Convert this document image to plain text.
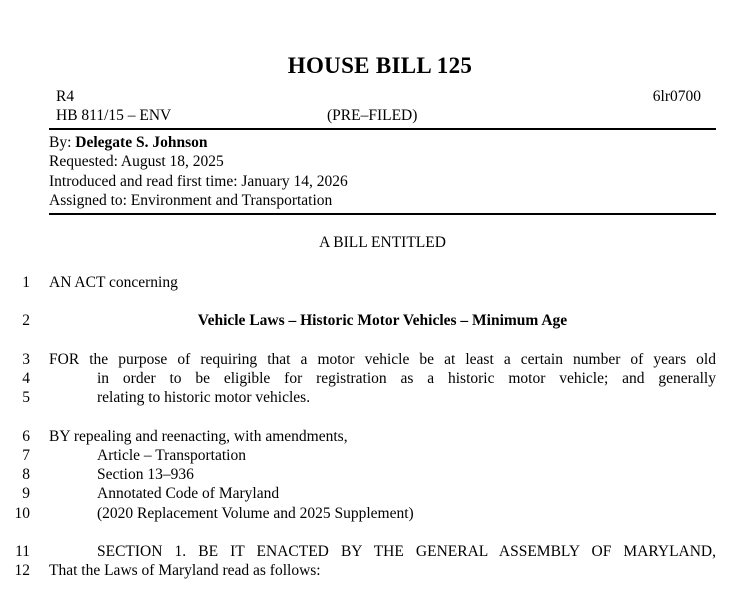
HOUSE BILL 125
R4
HB 811/15 – ENV	(PRE–FILED)
6lr0700
By: Delegate S. Johnson
Requested: August 18, 2025
Introduced and read first time: January 14, 2026
Assigned to: Environment and Transportation
A BILL ENTITLED
1 AN ACT concerning
2	Vehicle Laws – Historic Motor Vehicles – Minimum Age
3 FOR the purpose of requiring that a motor vehicle be at least a certain number of years old
4	in order to be eligible for registration as a historic motor vehicle; and generally
5	relating to historic motor vehicles.
6 BY repealing and reenacting, with amendments,
7	Article – Transportation
8	Section 13–936
9	Annotated Code of Maryland
10	(2020 Replacement Volume and 2025 Supplement)
11	SECTION 1. BE IT ENACTED BY THE GENERAL ASSEMBLY OF MARYLAND,
12 That the Laws of Maryland read as follows:
